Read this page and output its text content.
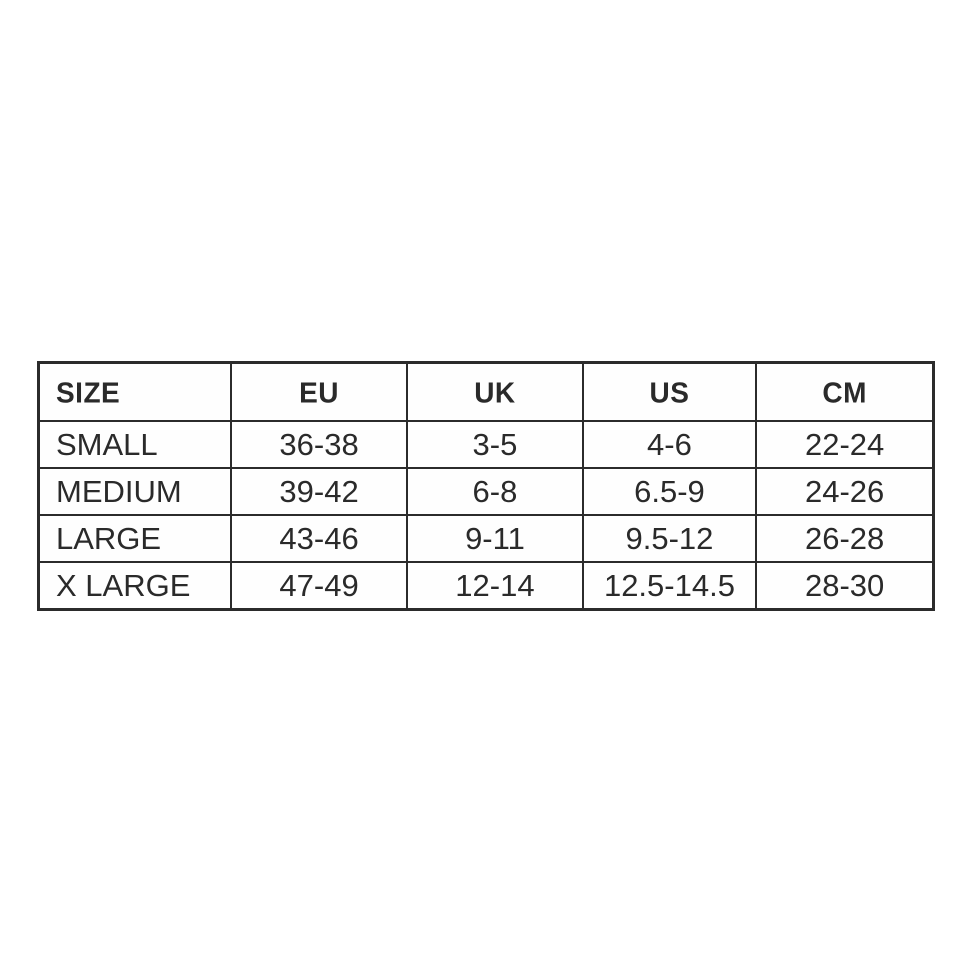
SIZE	EU	UK	US	CM
SMALL	36-38	3-5	4-6	22-24
MEDIUM	39-42	6-8	6.5-9	24-26
LARGE	43-46	9-11	9.5-12	26-28
X LARGE	47-49	12-14	12.5-14.5	28-30
